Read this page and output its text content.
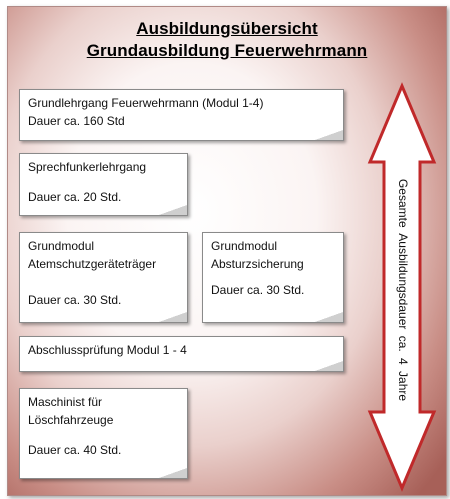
Ausbildungsübersicht
Grundausbildung Feuerwehrmann
Grundlehrgang Feuerwehrmann (Modul 1-4)
Dauer ca. 160 Std
Sprechfunkerlehrgang
Dauer ca. 20 Std.
Grundmodul
Atemschutzgeräteträger
Dauer ca. 30 Std.
Grundmodul
Absturzsicherung
Dauer ca. 30 Std.
Abschlussprüfung Modul 1 - 4
Maschinist für
Löschfahrzeuge
Dauer ca. 40 Std.
Gesamte Ausbildungsdauer ca. 4 Jahre
